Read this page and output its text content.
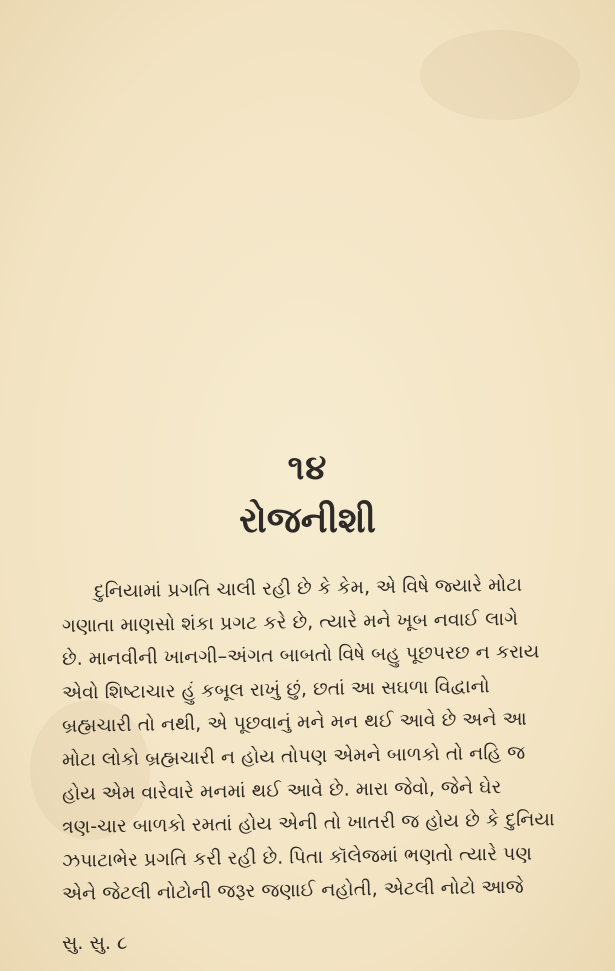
૧૪
રોજનીશી
દુનિયામાં પ્રગતિ ચાલી રહી છે કે કેમ, એ વિષે જ્યારે મોટા
ગણાતા માણસો શંકા પ્રગટ કરે છે, ત્યારે મને ખૂબ નવાઈ લાગે
છે. માનવીની ખાનગી–અંગત બાબતો વિષે બહુ પૂછપરછ ન કરાય
એવો શિષ્ટાચાર હું કબૂલ રાખું છું, છતાં આ સઘળા વિદ્વાનો
બ્રહ્મચારી તો નથી, એ પૂછવાનું મને મન થઈ આવે છે અને આ
મોટા લોકો બ્રહ્મચારી ન હોય તોપણ એમને બાળકો તો નહિ જ
હોય એમ વારેવારે મનમાં થઈ આવે છે. મારા જેવો, જેને ઘેર
ત્રણ-ચાર બાળકો રમતાં હોય એની તો ખાતરી જ હોય છે કે દુનિયા
ઝપાટાભેર પ્રગતિ કરી રહી છે. પિતા કૉલેજમાં ભણતો ત્યારે પણ
એને જેટલી નોટોની જરૂર જણાઈ નહોતી, એટલી નોટો આજે
સુ. સુ. ૮
